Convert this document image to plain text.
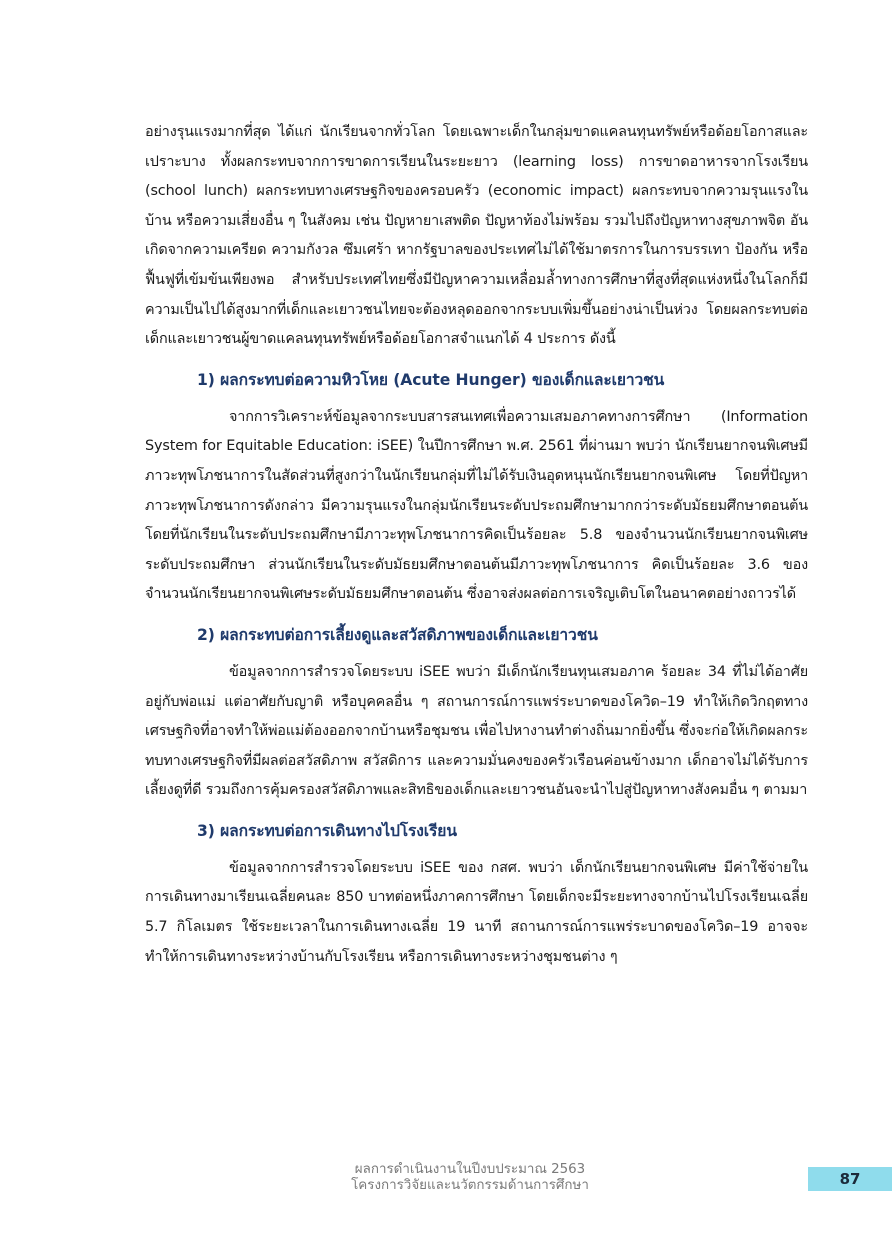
อย่างรุนแรงมากที่สุด ได้แก่ นักเรียนจากทั่วโลก โดยเฉพาะเด็กในกลุ่มขาดแคลนทุนทรัพย์หรือด้อยโอกาสและเปราะบาง ทั้งผลกระทบจากการขาดการเรียนในระยะยาว (learning loss) การขาดอาหารจากโรงเรียน (school lunch) ผลกระทบทางเศรษฐกิจของครอบครัว (economic impact) ผลกระทบจากความรุนแรงในบ้าน หรือความเสี่ยงอื่น ๆ ในสังคม เช่น ปัญหายาเสพติด ปัญหาท้องไม่พร้อม รวมไปถึงปัญหาทางสุขภาพจิต อันเกิดจากความเครียด ความกังวล ซึมเศร้า หากรัฐบาลของประเทศไม่ได้ใช้มาตรการในการบรรเทา ป้องกัน หรือฟื้นฟูที่เข้มข้นเพียงพอ สำหรับประเทศไทยซึ่งมีปัญหาความเหลื่อมล้ำทางการศึกษาที่สูงที่สุดแห่งหนึ่งในโลกก็มีความเป็นไปได้สูงมากที่เด็กและเยาวชนไทยจะต้องหลุดออกจากระบบเพิ่มขึ้นอย่างน่าเป็นห่วง โดยผลกระทบต่อเด็กและเยาวชนผู้ขาดแคลนทุนทรัพย์หรือด้อยโอกาสจำแนกได้ 4 ประการ ดังนี้

1) ผลกระทบต่อความหิวโหย (Acute Hunger) ของเด็กและเยาวชน

จากการวิเคราะห์ข้อมูลจากระบบสารสนเทศเพื่อความเสมอภาคทางการศึกษา (Information System for Equitable Education: iSEE) ในปีการศึกษา พ.ศ. 2561 ที่ผ่านมา พบว่า นักเรียนยากจนพิเศษมีภาวะทุพโภชนาการในสัดส่วนที่สูงกว่าในนักเรียนกลุ่มที่ไม่ได้รับเงินอุดหนุนนักเรียนยากจนพิเศษ โดยที่ปัญหาภาวะทุพโภชนาการดังกล่าว มีความรุนแรงในกลุ่มนักเรียนระดับประถมศึกษามากกว่าระดับมัธยมศึกษาตอนต้น โดยที่นักเรียนในระดับประถมศึกษามีภาวะทุพโภชนาการคิดเป็นร้อยละ 5.8 ของจำนวนนักเรียนยากจนพิเศษระดับประถมศึกษา ส่วนนักเรียนในระดับมัธยมศึกษาตอนต้นมีภาวะทุพโภชนาการ คิดเป็นร้อยละ 3.6 ของจำนวนนักเรียนยากจนพิเศษระดับมัธยมศึกษาตอนต้น ซึ่งอาจส่งผลต่อการเจริญเติบโตในอนาคตอย่างถาวรได้

2) ผลกระทบต่อการเลี้ยงดูและสวัสดิภาพของเด็กและเยาวชน

ข้อมูลจากการสำรวจโดยระบบ iSEE พบว่า มีเด็กนักเรียนทุนเสมอภาค ร้อยละ 34 ที่ไม่ได้อาศัยอยู่กับพ่อแม่ แต่อาศัยกับญาติ หรือบุคคลอื่น ๆ สถานการณ์การแพร่ระบาดของโควิด–19 ทำให้เกิดวิกฤตทางเศรษฐกิจที่อาจทำให้พ่อแม่ต้องออกจากบ้านหรือชุมชน เพื่อไปหางานทำต่างถิ่นมากยิ่งขึ้น ซึ่งจะก่อให้เกิดผลกระทบทางเศรษฐกิจที่มีผลต่อสวัสดิภาพ สวัสดิการ และความมั่นคงของครัวเรือนค่อนข้างมาก เด็กอาจไม่ได้รับการเลี้ยงดูที่ดี รวมถึงการคุ้มครองสวัสดิภาพและสิทธิของเด็กและเยาวชนอันจะนำไปสู่ปัญหาทางสังคมอื่น ๆ ตามมา

3) ผลกระทบต่อการเดินทางไปโรงเรียน

ข้อมูลจากการสำรวจโดยระบบ iSEE ของ กสศ. พบว่า เด็กนักเรียนยากจนพิเศษ มีค่าใช้จ่ายในการเดินทางมาเรียนเฉลี่ยคนละ 850 บาทต่อหนึ่งภาคการศึกษา โดยเด็กจะมีระยะทางจากบ้านไปโรงเรียนเฉลี่ย 5.7 กิโลเมตร ใช้ระยะเวลาในการเดินทางเฉลี่ย 19 นาที สถานการณ์การแพร่ระบาดของโควิด–19 อาจจะทำให้การเดินทางระหว่างบ้านกับโรงเรียน หรือการเดินทางระหว่างชุมชนต่าง ๆ

ผลการดำเนินงานในปีงบประมาณ 2563
โครงการวิจัยและนวัตกรรมด้านการศึกษา	87
